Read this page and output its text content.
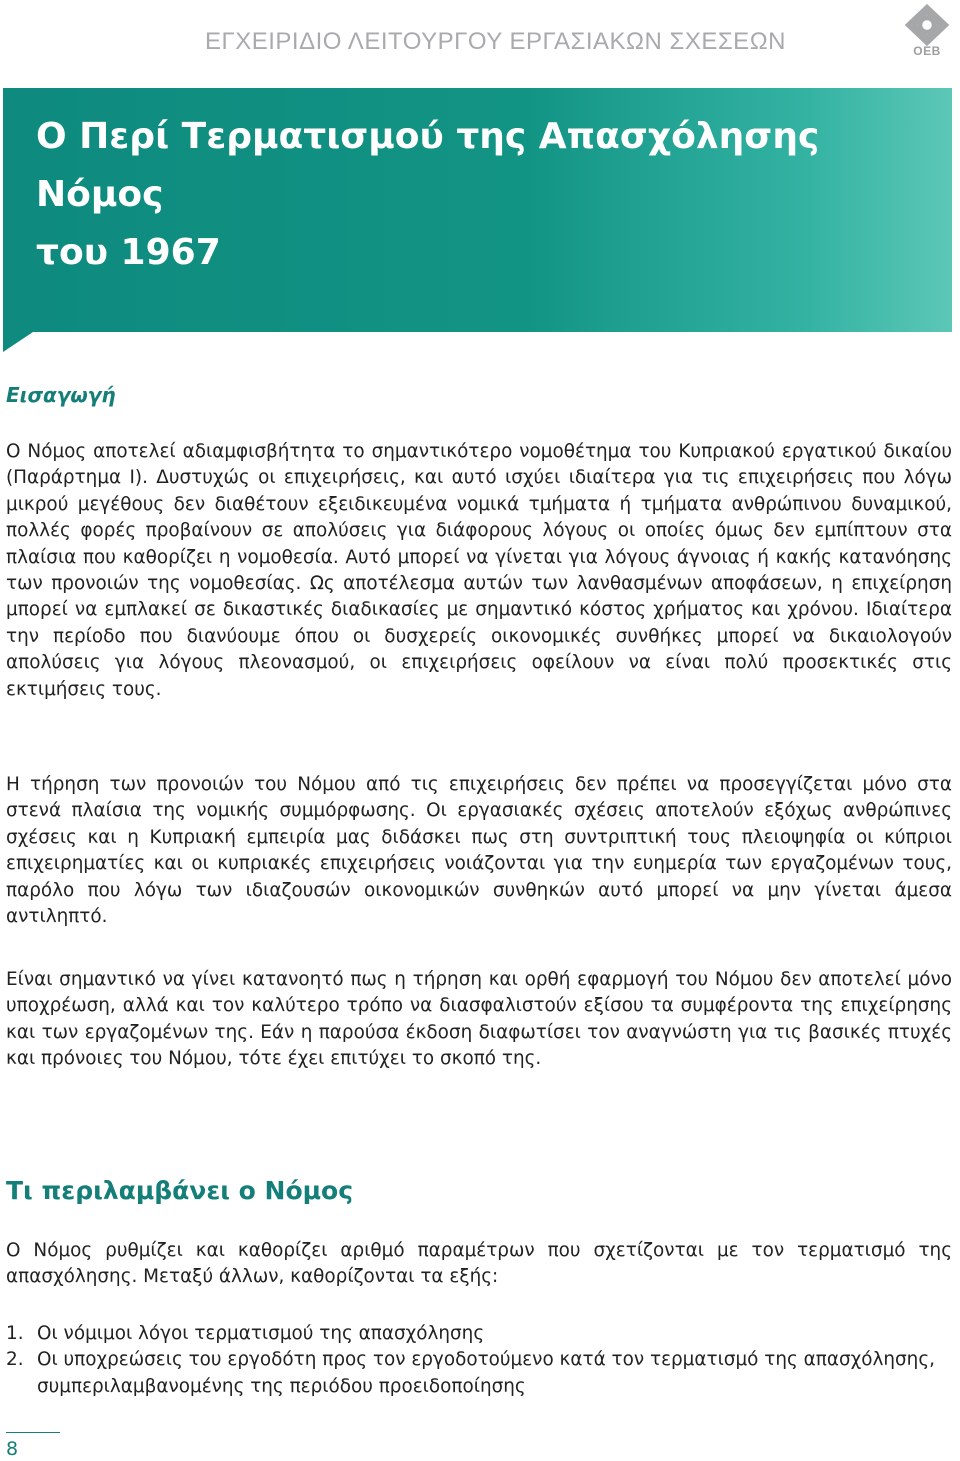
ΕΓΧΕΙΡΙΔΙΟ ΛΕΙΤΟΥΡΓΟΥ ΕΡΓΑΣΙΑΚΩΝ ΣΧΕΣΕΩΝ	OEB
Ο Περί Τερματισμού της Απασχόλησης Νόμος
του 1967
Εισαγωγή

Ο Νόμος αποτελεί αδιαμφισβήτητα το σημαντικότερο νομοθέτημα του Κυπριακού εργατικού δικαίου (Παράρτημα Ι). Δυστυχώς οι επιχειρήσεις, και αυτό ισχύει ιδιαίτερα για τις επιχειρήσεις που λόγω μικρού μεγέθους δεν διαθέτουν εξειδικευμένα νομικά τμήματα ή τμήματα ανθρώπινου δυναμικού, πολλές φορές προβαίνουν σε απολύσεις για διάφορους λόγους οι οποίες όμως δεν εμπίπτουν στα πλαίσια που καθορίζει η νομοθεσία. Αυτό μπορεί να γίνεται για λόγους άγνοιας ή κακής κατανόησης των προνοιών της νομοθεσίας. Ως αποτέλεσμα αυτών των λανθασμένων αποφάσεων, η επιχείρηση μπορεί να εμπλακεί σε δικαστικές διαδικασίες με σημαντικό κόστος χρήματος και χρόνου. Ιδιαίτερα την περίοδο που διανύουμε όπου οι δυσχερείς οικονομικές συνθήκες μπορεί να δικαιολογούν απολύσεις για λόγους πλεονασμού, οι επιχειρήσεις οφείλουν να είναι πολύ προσεκτικές στις εκτιμήσεις τους.

Η τήρηση των προνοιών του Νόμου από τις επιχειρήσεις δεν πρέπει να προσεγγίζεται μόνο στα στενά πλαίσια της νομικής συμμόρφωσης. Οι εργασιακές σχέσεις αποτελούν εξόχως ανθρώπινες σχέσεις και η Κυπριακή εμπειρία μας διδάσκει πως στη συντριπτική τους πλειοψηφία οι κύπριοι επιχειρηματίες και οι κυπριακές επιχειρήσεις νοιάζονται για την ευημερία των εργαζομένων τους, παρόλο που λόγω των ιδιαζουσών οικονομικών συνθηκών αυτό μπορεί να μην γίνεται άμεσα αντιληπτό.

Είναι σημαντικό να γίνει κατανοητό πως η τήρηση και ορθή εφαρμογή του Νόμου δεν αποτελεί μόνο υποχρέωση, αλλά και τον καλύτερο τρόπο να διασφαλιστούν εξίσου τα συμφέροντα της επιχείρησης και των εργαζομένων της. Εάν η παρούσα έκδοση διαφωτίσει τον αναγνώστη για τις βασικές πτυχές και πρόνοιες του Νόμου, τότε έχει επιτύχει το σκοπό της.

Τι περιλαμβάνει ο Νόμος

Ο Νόμος ρυθμίζει και καθορίζει αριθμό παραμέτρων που σχετίζονται με τον τερματισμό της απασχόλησης. Μεταξύ άλλων, καθορίζονται τα εξής:

1. Οι νόμιμοι λόγοι τερματισμού της απασχόλησης
2. Οι υποχρεώσεις του εργοδότη προς τον εργοδοτούμενο κατά τον τερματισμό της απασχόλησης, συμπεριλαμβανομένης της περιόδου προειδοποίησης
8
